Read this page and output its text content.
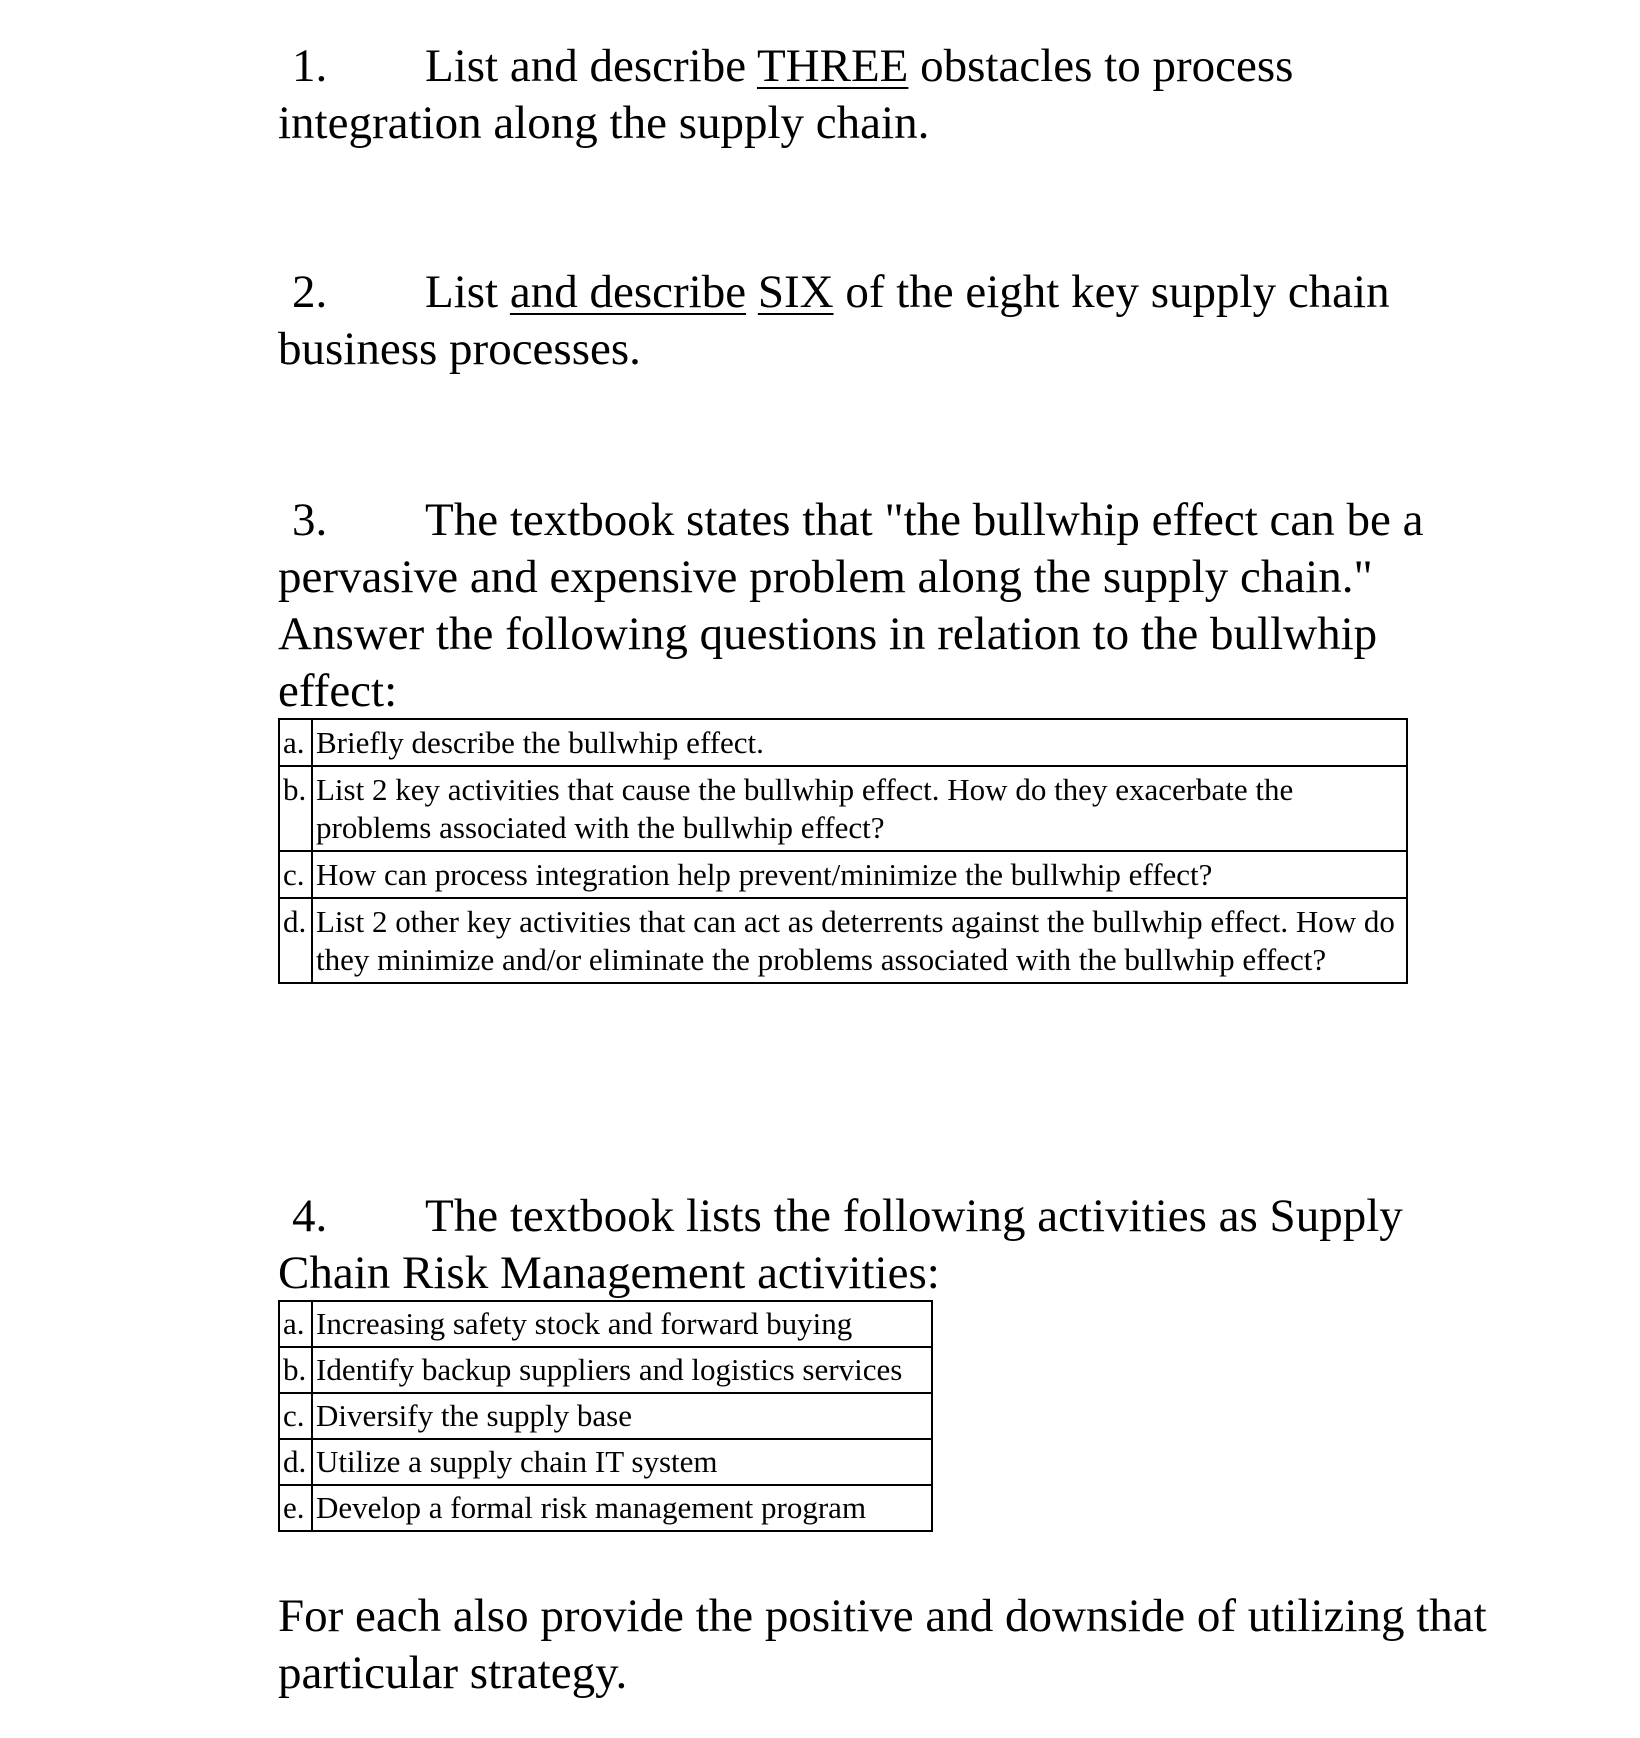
1. List and describe THREE obstacles to process integration along the supply chain.

2. List and describe SIX of the eight key supply chain business processes.

3. The textbook states that "the bullwhip effect can be a pervasive and expensive problem along the supply chain." Answer the following questions in relation to the bullwhip effect:

a.	Briefly describe the bullwhip effect.
b.	List 2 key activities that cause the bullwhip effect. How do they exacerbate the problems associated with the bullwhip effect?
c.	How can process integration help prevent/minimize the bullwhip effect?
d.	List 2 other key activities that can act as deterrents against the bullwhip effect. How do they minimize and/or eliminate the problems associated with the bullwhip effect?

4. The textbook lists the following activities as Supply Chain Risk Management activities:

a.	Increasing safety stock and forward buying
b.	Identify backup suppliers and logistics services
c.	Diversify the supply base
d.	Utilize a supply chain IT system
e.	Develop a formal risk management program

For each also provide the positive and downside of utilizing that particular strategy.
